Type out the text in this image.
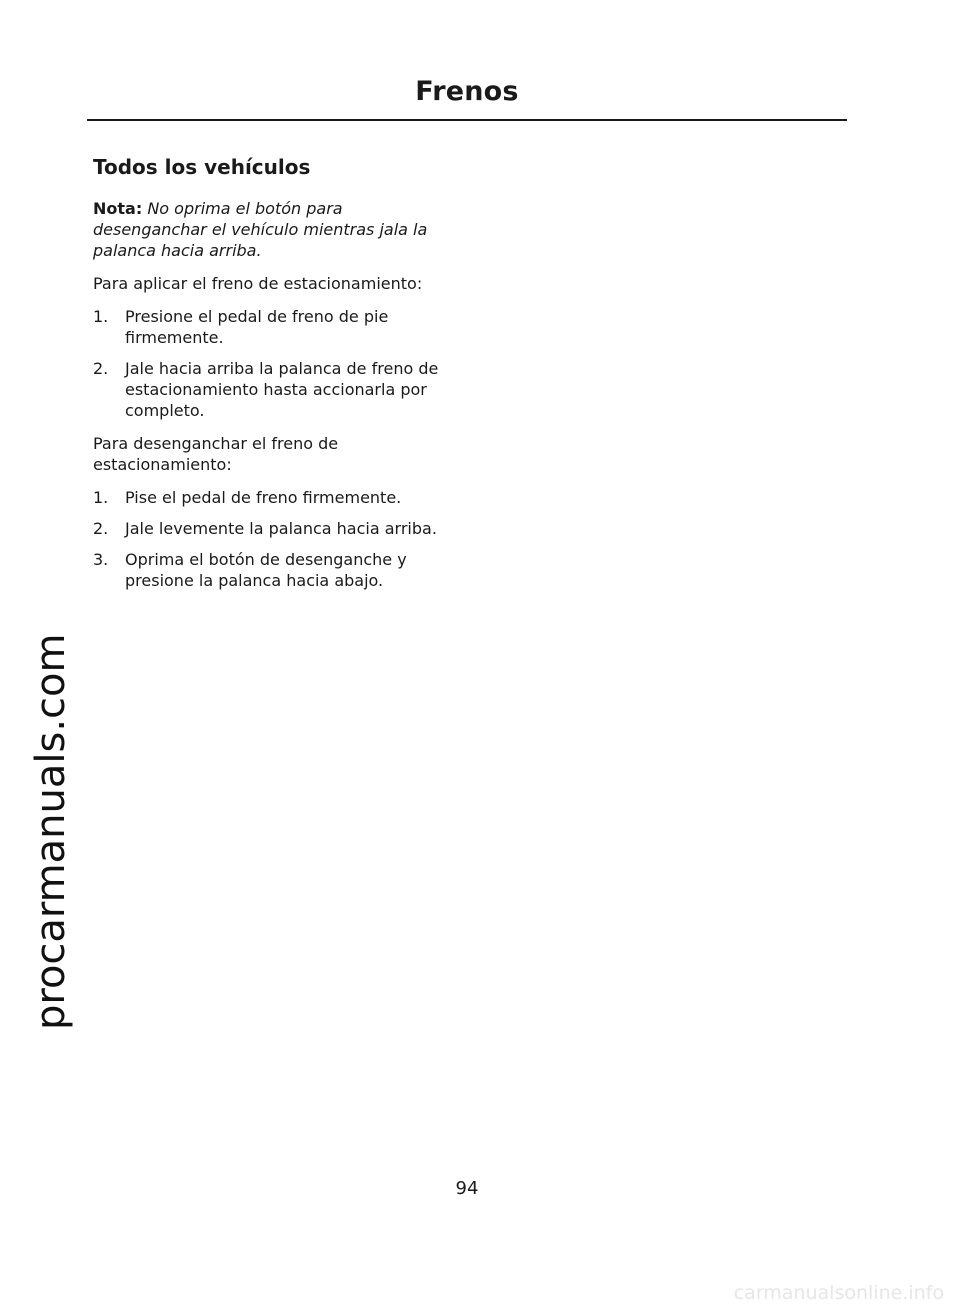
Frenos
procarmanuals.com
Todos los vehículos

Nota: No oprima el botón para desenganchar el vehículo mientras jala la palanca hacia arriba.

Para aplicar el freno de estacionamiento:

1. Presione el pedal de freno de pie firmemente.
2. Jale hacia arriba la palanca de freno de estacionamiento hasta accionarla por completo.

Para desenganchar el freno de estacionamiento:

1. Pise el pedal de freno firmemente.
2. Jale levemente la palanca hacia arriba.
3. Oprima el botón de desenganche y presione la palanca hacia abajo.
94
carmanualsonline.info
